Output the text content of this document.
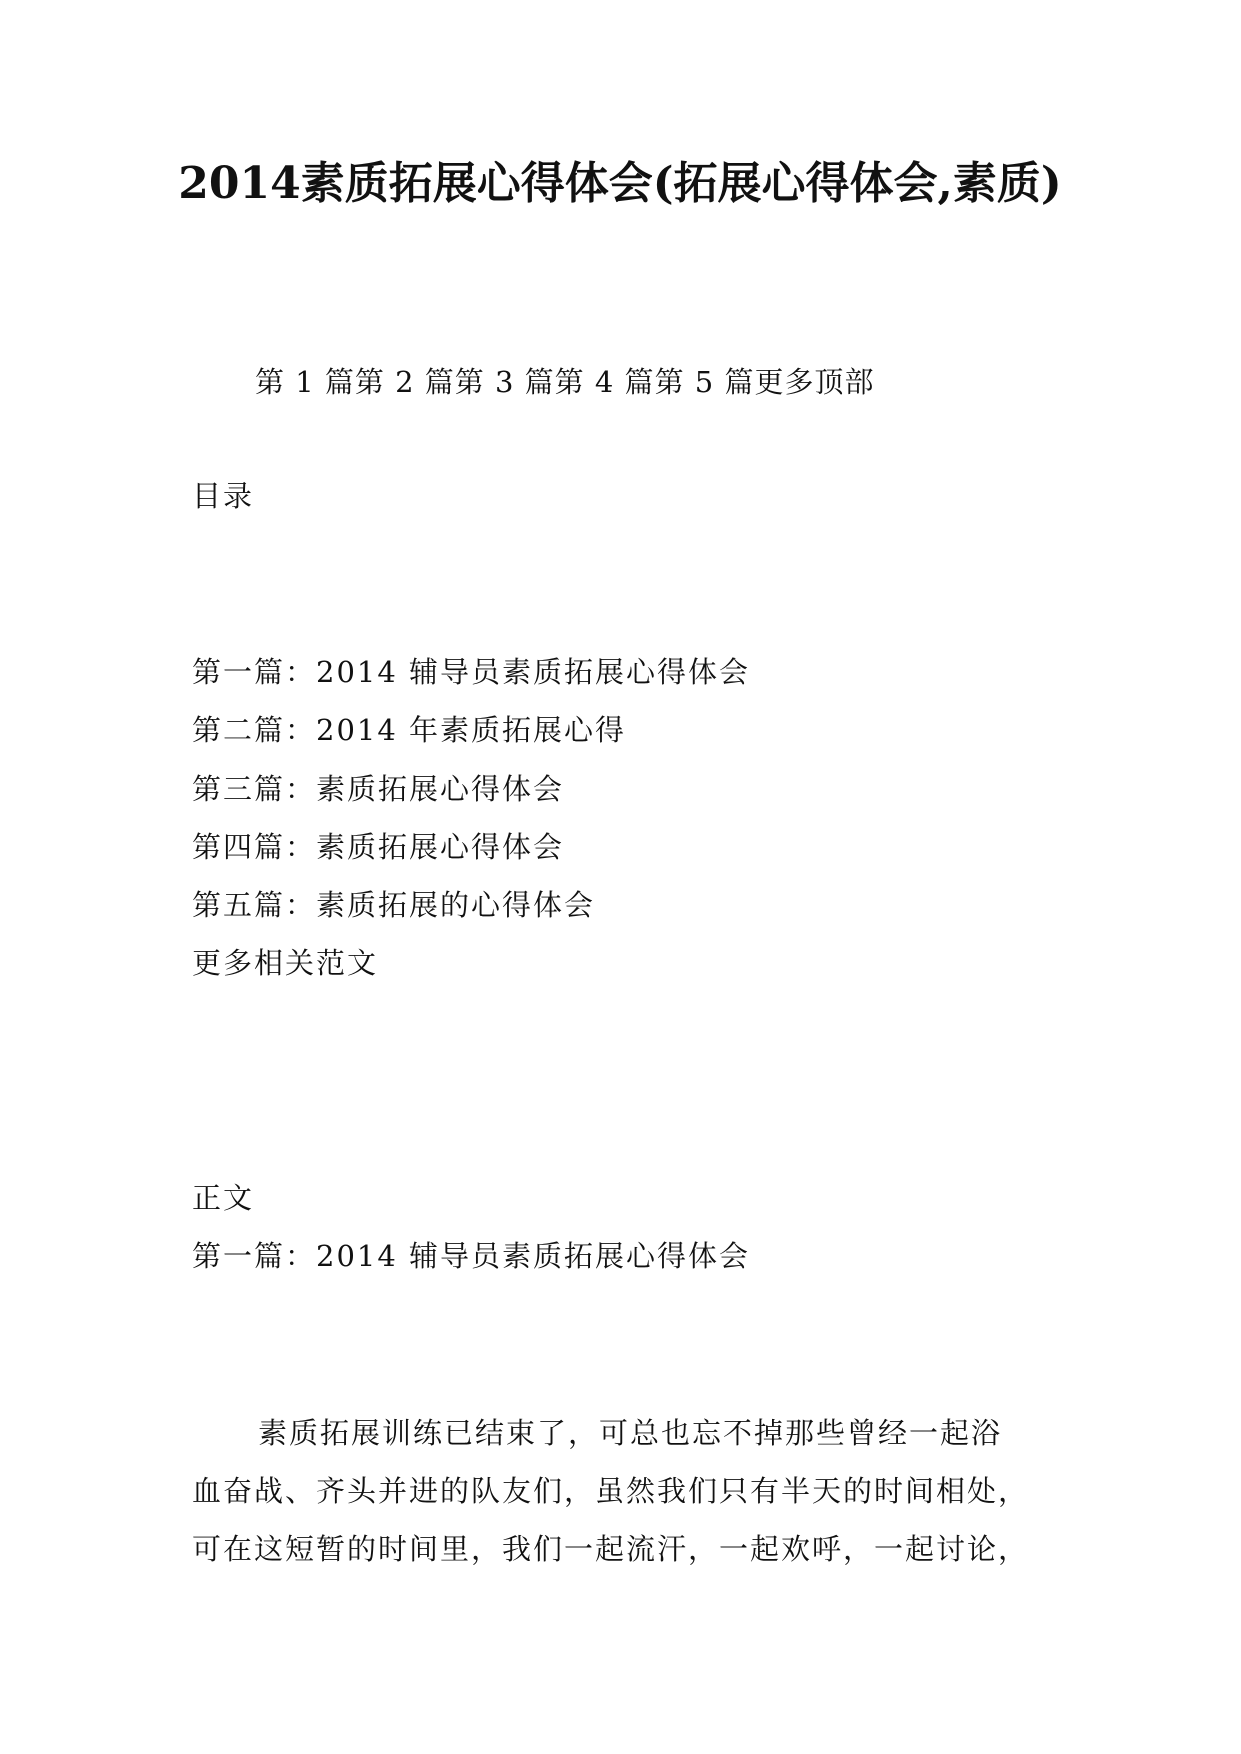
2014素质拓展心得体会(拓展心得体会,素质)
第 1 篇第 2 篇第 3 篇第 4 篇第 5 篇更多顶部
目录
第一篇：2014 辅导员素质拓展心得体会
第二篇：2014 年素质拓展心得
第三篇：素质拓展心得体会
第四篇：素质拓展心得体会
第五篇：素质拓展的心得体会
更多相关范文
正文
第一篇：2014 辅导员素质拓展心得体会
素质拓展训练已结束了，可总也忘不掉那些曾经一起浴
血奋战、齐头并进的队友们，虽然我们只有半天的时间相处，
可在这短暂的时间里，我们一起流汗，一起欢呼，一起讨论，
